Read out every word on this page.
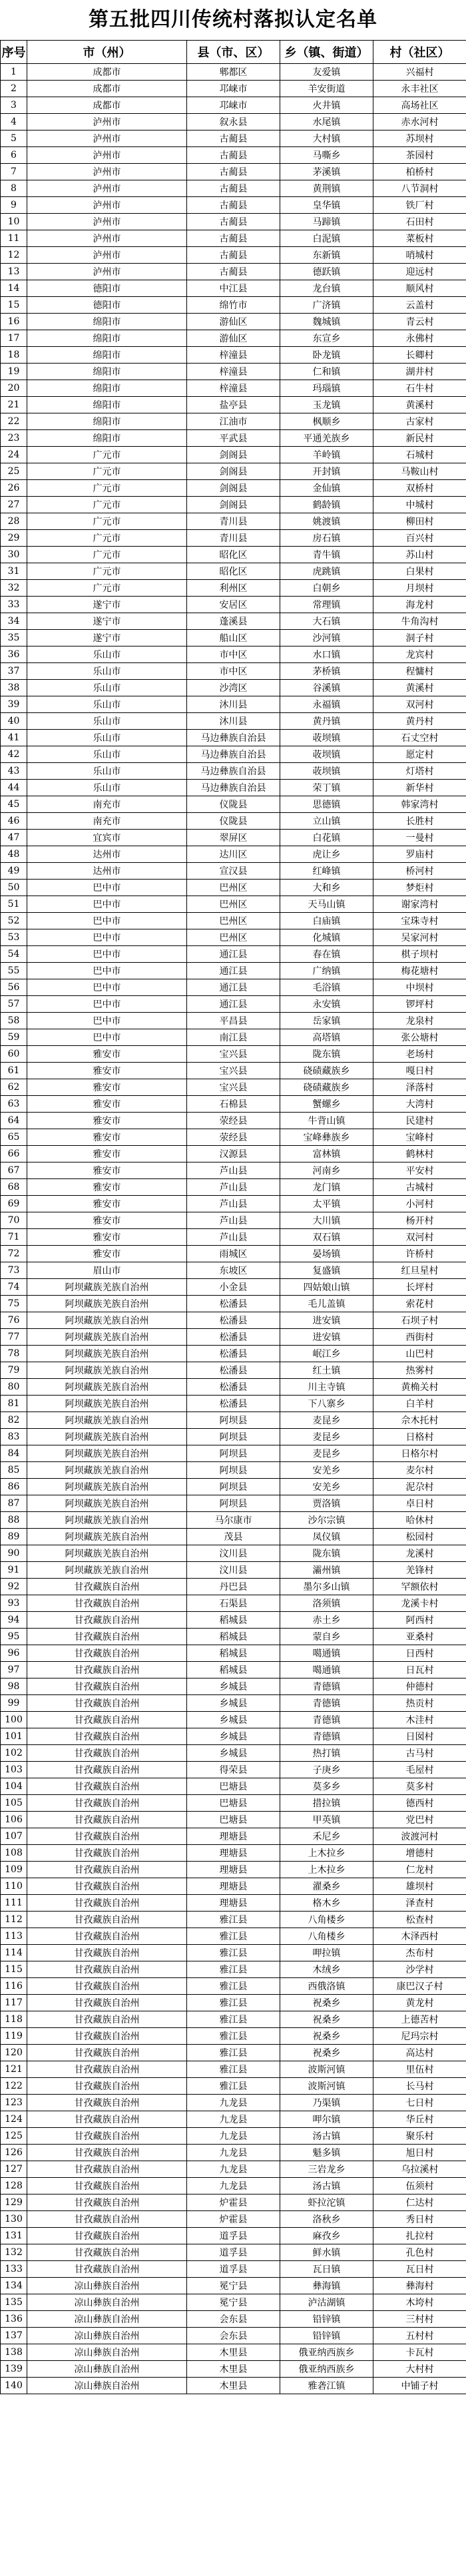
第五批四川传统村落拟认定名单
序号	市（州）	县（市、区）	乡（镇、街道）	村（社区）
1	成都市	郫都区	友爱镇	兴福村
2	成都市	邛崃市	羊安街道	永丰社区
3	成都市	邛崃市	火井镇	高场社区
4	泸州市	叙永县	水尾镇	赤水河村
5	泸州市	古蔺县	大村镇	苏坝村
6	泸州市	古蔺县	马嘶乡	茶园村
7	泸州市	古蔺县	茅溪镇	柏桥村
8	泸州市	古蔺县	黄荆镇	八节洞村
9	泸州市	古蔺县	皇华镇	铁厂村
10	泸州市	古蔺县	马蹄镇	石田村
11	泸州市	古蔺县	白泥镇	菜板村
12	泸州市	古蔺县	东新镇	哨城村
13	泸州市	古蔺县	德跃镇	迎远村
14	德阳市	中江县	龙台镇	顺风村
15	德阳市	绵竹市	广济镇	云盖村
16	绵阳市	游仙区	魏城镇	青云村
17	绵阳市	游仙区	东宣乡	永佛村
18	绵阳市	梓潼县	卧龙镇	长卿村
19	绵阳市	梓潼县	仁和镇	湖井村
20	绵阳市	梓潼县	玛瑙镇	石牛村
21	绵阳市	盐亭县	玉龙镇	黄溪村
22	绵阳市	江油市	枫顺乡	古家村
23	绵阳市	平武县	平通羌族乡	新民村
24	广元市	剑阁县	羊岭镇	石城村
25	广元市	剑阁县	开封镇	马鞍山村
26	广元市	剑阁县	金仙镇	双桥村
27	广元市	剑阁县	鹤龄镇	中城村
28	广元市	青川县	姚渡镇	柳田村
29	广元市	青川县	房石镇	百兴村
30	广元市	昭化区	青牛镇	苏山村
31	广元市	昭化区	虎跳镇	白果村
32	广元市	利州区	白朝乡	月坝村
33	遂宁市	安居区	常理镇	海龙村
34	遂宁市	蓬溪县	大石镇	牛角沟村
35	遂宁市	船山区	沙河镇	洞子村
36	乐山市	市中区	水口镇	龙宾村
37	乐山市	市中区	茅桥镇	程慵村
38	乐山市	沙湾区	谷溪镇	黄溪村
39	乐山市	沐川县	永福镇	双河村
40	乐山市	沐川县	黄丹镇	黄丹村
41	乐山市	马边彝族自治县	荍坝镇	石丈空村
42	乐山市	马边彝族自治县	荍坝镇	愿定村
43	乐山市	马边彝族自治县	荍坝镇	灯塔村
44	乐山市	马边彝族自治县	荣丁镇	新华村
45	南充市	仪陇县	思德镇	韩家湾村
46	南充市	仪陇县	立山镇	长胜村
47	宜宾市	翠屏区	白花镇	一曼村
48	达州市	达川区	虎让乡	罗庙村
49	达州市	宣汉县	红峰镇	桥河村
50	巴中市	巴州区	大和乡	梦炬村
51	巴中市	巴州区	天马山镇	谢家湾村
52	巴中市	巴州区	白庙镇	宝珠寺村
53	巴中市	巴州区	化城镇	吴家河村
54	巴中市	通江县	春在镇	棋子坝村
55	巴中市	通江县	广纳镇	梅花塘村
56	巴中市	通江县	毛浴镇	中坝村
57	巴中市	通江县	永安镇	锣坪村
58	巴中市	平昌县	岳家镇	龙泉村
59	巴中市	南江县	高塔镇	张公塘村
60	雅安市	宝兴县	陇东镇	老场村
61	雅安市	宝兴县	硗碛藏族乡	嘎日村
62	雅安市	宝兴县	硗碛藏族乡	泽落村
63	雅安市	石棉县	蟹螺乡	大湾村
64	雅安市	荥经县	牛背山镇	民建村
65	雅安市	荥经县	宝峰彝族乡	宝峰村
66	雅安市	汉源县	富林镇	鹤林村
67	雅安市	芦山县	河南乡	平安村
68	雅安市	芦山县	龙门镇	古城村
69	雅安市	芦山县	太平镇	小河村
70	雅安市	芦山县	大川镇	杨开村
71	雅安市	芦山县	双石镇	双河村
72	雅安市	雨城区	晏场镇	许桥村
73	眉山市	东坡区	复盛镇	红旦星村
74	阿坝藏族羌族自治州	小金县	四姑娘山镇	长坪村
75	阿坝藏族羌族自治州	松潘县	毛儿盖镇	索花村
76	阿坝藏族羌族自治州	松潘县	进安镇	石坝子村
77	阿坝藏族羌族自治州	松潘县	进安镇	西街村
78	阿坝藏族羌族自治州	松潘县	岷江乡	山巴村
79	阿坝藏族羌族自治州	松潘县	红土镇	热雾村
80	阿坝藏族羌族自治州	松潘县	川主寺镇	黄桷关村
81	阿坝藏族羌族自治州	松潘县	下八寨乡	白羊村
82	阿坝藏族羌族自治州	阿坝县	麦昆乡	佘木托村
83	阿坝藏族羌族自治州	阿坝县	麦昆乡	日格村
84	阿坝藏族羌族自治州	阿坝县	麦昆乡	日格尔村
85	阿坝藏族羌族自治州	阿坝县	安羌乡	麦尔村
86	阿坝藏族羌族自治州	阿坝县	安羌乡	泥尕村
87	阿坝藏族羌族自治州	阿坝县	贾洛镇	卓日村
88	阿坝藏族羌族自治州	马尔康市	沙尔宗镇	哈休村
89	阿坝藏族羌族自治州	茂县	凤仪镇	松园村
90	阿坝藏族羌族自治州	汶川县	陇东镇	龙溪村
91	阿坝藏族羌族自治州	汶川县	灞州镇	羌锋村
92	甘孜藏族自治州	丹巴县	墨尔多山镇	罕额依村
93	甘孜藏族自治州	石渠县	洛须镇	龙溪卡村
94	甘孜藏族自治州	稻城县	赤土乡	阿西村
95	甘孜藏族自治州	稻城县	蒙自乡	亚桑村
96	甘孜藏族自治州	稻城县	噶通镇	日西村
97	甘孜藏族自治州	稻城县	噶通镇	日瓦村
98	甘孜藏族自治州	乡城县	青德镇	仲德村
99	甘孜藏族自治州	乡城县	青德镇	热贡村
100	甘孜藏族自治州	乡城县	青德镇	木洼村
101	甘孜藏族自治州	乡城县	青德镇	日囡村
102	甘孜藏族自治州	乡城县	热打镇	古马村
103	甘孜藏族自治州	得荣县	子庚乡	毛屋村
104	甘孜藏族自治州	巴塘县	莫多乡	莫多村
105	甘孜藏族自治州	巴塘县	措拉镇	德西村
106	甘孜藏族自治州	巴塘县	甲英镇	党巴村
107	甘孜藏族自治州	理塘县	禾尼乡	波渡河村
108	甘孜藏族自治州	理塘县	上木拉乡	增德村
109	甘孜藏族自治州	理塘县	上木拉乡	仁龙村
110	甘孜藏族自治州	理塘县	濯桑乡	雄坝村
111	甘孜藏族自治州	理塘县	格木乡	泽查村
112	甘孜藏族自治州	雅江县	八角楼乡	松查村
113	甘孜藏族自治州	雅江县	八角楼乡	木泽西村
114	甘孜藏族自治州	雅江县	呷拉镇	杰布村
115	甘孜藏族自治州	雅江县	木绒乡	沙学村
116	甘孜藏族自治州	雅江县	西俄洛镇	康巴汉子村
117	甘孜藏族自治州	雅江县	祝桑乡	黄龙村
118	甘孜藏族自治州	雅江县	祝桑乡	上德苦村
119	甘孜藏族自治州	雅江县	祝桑乡	尼玛宗村
120	甘孜藏族自治州	雅江县	祝桑乡	高达村
121	甘孜藏族自治州	雅江县	波斯河镇	里伍村
122	甘孜藏族自治州	雅江县	波斯河镇	长马村
123	甘孜藏族自治州	九龙县	乃渠镇	七日村
124	甘孜藏族自治州	九龙县	呷尔镇	华丘村
125	甘孜藏族自治州	九龙县	汤古镇	聚乐村
126	甘孜藏族自治州	九龙县	魁多镇	旭日村
127	甘孜藏族自治州	九龙县	三岩龙乡	乌拉溪村
128	甘孜藏族自治州	九龙县	汤古镇	伍须村
129	甘孜藏族自治州	炉霍县	虾拉沱镇	仁达村
130	甘孜藏族自治州	炉霍县	洛秋乡	秀日村
131	甘孜藏族自治州	道孚县	麻孜乡	扎拉村
132	甘孜藏族自治州	道孚县	鲜水镇	孔色村
133	甘孜藏族自治州	道孚县	瓦日镇	瓦日村
134	凉山彝族自治州	冕宁县	彝海镇	彝海村
135	凉山彝族自治州	冕宁县	泸沽湖镇	木垮村
136	凉山彝族自治州	会东县	铅锌镇	三村村
137	凉山彝族自治州	会东县	铅锌镇	五村村
138	凉山彝族自治州	木里县	俄亚纳西族乡	卡瓦村
139	凉山彝族自治州	木里县	俄亚纳西族乡	大村村
140	凉山彝族自治州	木里县	雅砻江镇	中铺子村
